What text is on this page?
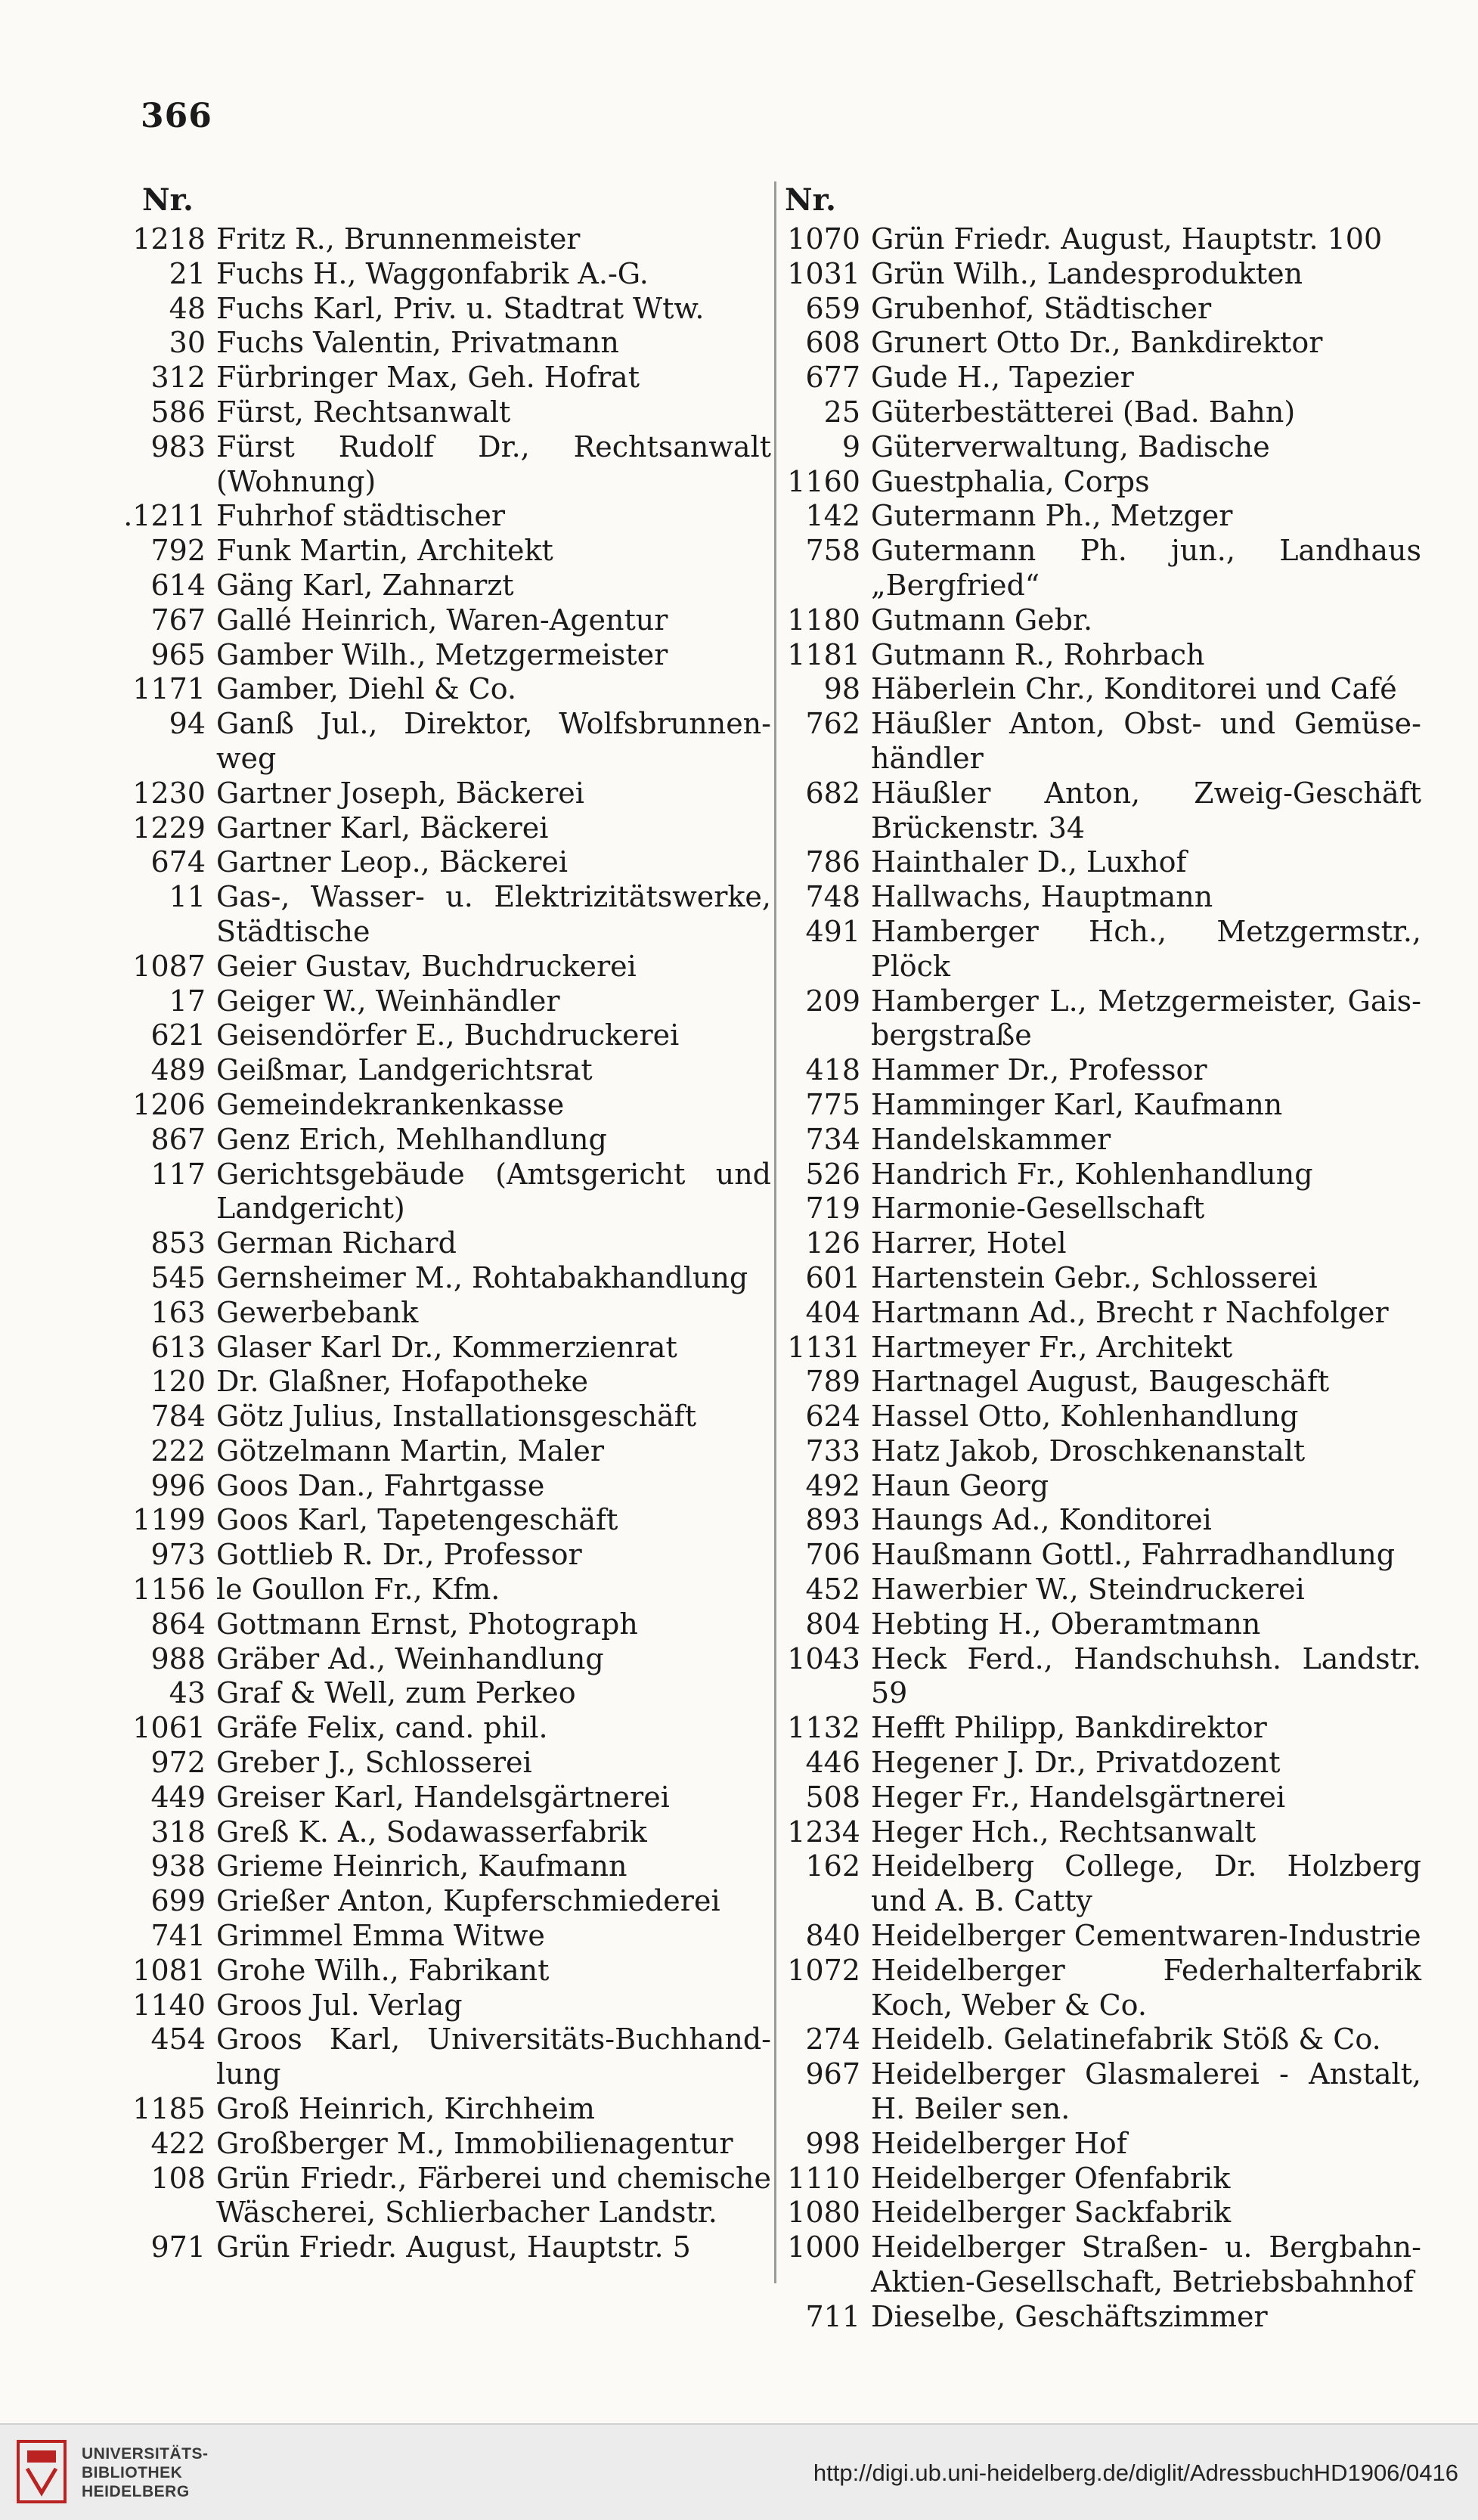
366
Nr.
1218 Fritz R., Brunnenmeister
21 Fuchs H., Waggonfabrik A.-G.
48 Fuchs Karl, Priv. u. Stadtrat Wtw.
30 Fuchs Valentin, Privatmann
312 Fürbringer Max, Geh. Hofrat
586 Fürst, Rechtsanwalt
983 Fürst Rudolf Dr., Rechtsanwalt (Wohnung)
.1211 Fuhrhof städtischer
792 Funk Martin, Architekt
614 Gäng Karl, Zahnarzt
767 Gallé Heinrich, Waren-Agentur
965 Gamber Wilh., Metzgermeister
1171 Gamber, Diehl & Co.
94 Ganß Jul., Direktor, Wolfsbrunnen-weg
1230 Gartner Joseph, Bäckerei
1229 Gartner Karl, Bäckerei
674 Gartner Leop., Bäckerei
11 Gas-, Wasser- u. Elektrizitätswerke, Städtische
1087 Geier Gustav, Buchdruckerei
17 Geiger W., Weinhändler
621 Geisendörfer E., Buchdruckerei
489 Geißmar, Landgerichtsrat
1206 Gemeindekrankenkasse
867 Genz Erich, Mehlhandlung
117 Gerichtsgebäude (Amtsgericht und Landgericht)
853 German Richard
545 Gernsheimer M., Rohtabakhandlung
163 Gewerbebank
613 Glaser Karl Dr., Kommerzienrat
120 Dr. Glaßner, Hofapotheke
784 Götz Julius, Installationsgeschäft
222 Götzelmann Martin, Maler
996 Goos Dan., Fahrtgasse
1199 Goos Karl, Tapetengeschäft
973 Gottlieb R. Dr., Professor
1156 le Goullon Fr., Kfm.
864 Gottmann Ernst, Photograph
988 Gräber Ad., Weinhandlung
43 Graf & Well, zum Perkeo
1061 Gräfe Felix, cand. phil.
972 Greber J., Schlosserei
449 Greiser Karl, Handelsgärtnerei
318 Greß K. A., Sodawasserfabrik
938 Grieme Heinrich, Kaufmann
699 Grießer Anton, Kupferschmiederei
741 Grimmel Emma Witwe
1081 Grohe Wilh., Fabrikant
1140 Groos Jul. Verlag
454 Groos Karl, Universitäts-Buchhand-lung
1185 Groß Heinrich, Kirchheim
422 Großberger M., Immobilienagentur
108 Grün Friedr., Färberei und chemische Wäscherei, Schlierbacher Landstr.
971 Grün Friedr. August, Hauptstr. 5
Nr.
1070 Grün Friedr. August, Hauptstr. 100
1031 Grün Wilh., Landesprodukten
659 Grubenhof, Städtischer
608 Grunert Otto Dr., Bankdirektor
677 Gude H., Tapezier
25 Güterbestätterei (Bad. Bahn)
9 Güterverwaltung, Badische
1160 Guestphalia, Corps
142 Gutermann Ph., Metzger
758 Gutermann Ph. jun., Landhaus „Bergfried“
1180 Gutmann Gebr.
1181 Gutmann R., Rohrbach
98 Häberlein Chr., Konditorei und Café
762 Häußler Anton, Obst- und Gemüse-händler
682 Häußler Anton, Zweig-Geschäft Brückenstr. 34
786 Hainthaler D., Luxhof
748 Hallwachs, Hauptmann
491 Hamberger Hch., Metzgermstr., Plöck
209 Hamberger L., Metzgermeister, Gais-bergstraße
418 Hammer Dr., Professor
775 Hamminger Karl, Kaufmann
734 Handelskammer
526 Handrich Fr., Kohlenhandlung
719 Harmonie-Gesellschaft
126 Harrer, Hotel
601 Hartenstein Gebr., Schlosserei
404 Hartmann Ad., Brecht r Nachfolger
1131 Hartmeyer Fr., Architekt
789 Hartnagel August, Baugeschäft
624 Hassel Otto, Kohlenhandlung
733 Hatz Jakob, Droschkenanstalt
492 Haun Georg
893 Haungs Ad., Konditorei
706 Haußmann Gottl., Fahrradhandlung
452 Hawerbier W., Steindruckerei
804 Hebting H., Oberamtmann
1043 Heck Ferd., Handschuhsh. Landstr. 59
1132 Hefft Philipp, Bankdirektor
446 Hegener J. Dr., Privatdozent
508 Heger Fr., Handelsgärtnerei
1234 Heger Hch., Rechtsanwalt
162 Heidelberg College, Dr. Holzberg und A. B. Catty
840 Heidelberger Cementwaren-Industrie
1072 Heidelberger Federhalterfabrik Koch, Weber & Co.
274 Heidelb. Gelatinefabrik Stöß & Co.
967 Heidelberger Glasmalerei - Anstalt, H. Beiler sen.
998 Heidelberger Hof
1110 Heidelberger Ofenfabrik
1080 Heidelberger Sackfabrik
1000 Heidelberger Straßen- u. Bergbahn-Aktien-Gesellschaft, Betriebsbahnhof
711 Dieselbe, Geschäftszimmer
UNIVERSITÄTS-
BIBLIOTHEK
HEIDELBERG
http://digi.ub.uni-heidelberg.de/diglit/AdressbuchHD1906/0416
